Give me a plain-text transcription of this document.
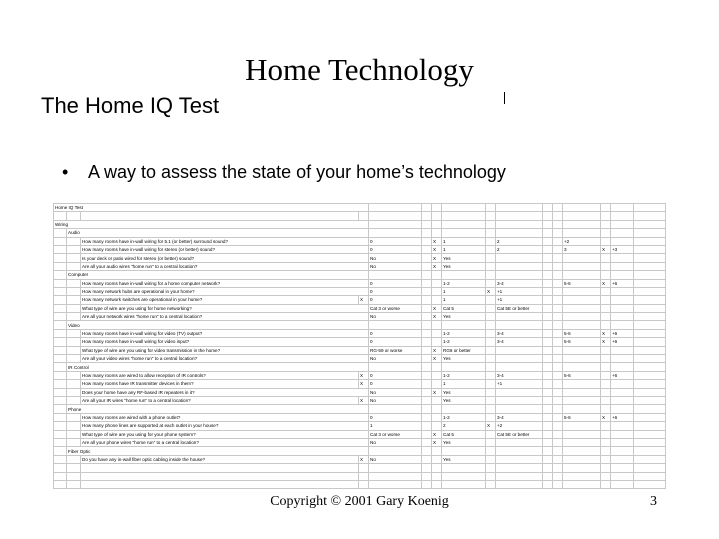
Home Technology
The Home IQ Test
• A way to assess the state of your home’s technology
Home IQ Test															

Wiring															
	Audio														
		How many rooms have in-wall wiring for 5.1 (or better) surround sound?		0		X	1		2			+2			
		How many rooms have in-wall wiring for stereo (or better) sound?		0		X	1		2			3	X	+3	
		Is your deck or patio wired for stereo (or better) sound?		No		X	Yes								
		Are all your audio wires "home run" to a central location?		No		X	Yes								
	Computer														
		How many rooms have in-wall wiring for a home computer network?		0			1-2		3-4			5-6	X	+6	
		How many network hubs are operational in your home?		0			1	X	+1						
		How many network switches are operational in your home?	X	0			1		+1						
		What type of wire are you using for home networking?		Cat 3 or worse		X	Cat 5		Cat 5E or better						
		Are all your network wires "home run" to a central location?		No		X	Yes								
	Video														
		How many rooms have in-wall wiring for video (TV) output?		0			1-2		3-4			5-6	X	+6	
		How many rooms have in-wall wiring for video input?		0			1-2		3-4			5-6	X	+6	
		What type of wire are you using for video transmission in the home?		RG-59 or worse		X	RG6 or better								
		Are all your video wires "home run" to a central location?		No		X	Yes								
	IR Control														
		How many rooms are wired to allow reception of IR controls?	X	0			1-2		3-4			5-6		+6	
		How many rooms have IR transmitter devices in them?	X	0			1		+1						
		Does your home have any RF-based IR repeaters in it?		No		X	Yes								
		Are all your IR wires "home run" to a central location?	X	No			Yes								
	Phone														
		How many rooms are wired with a phone outlet?		0			1-2		3-4			5-6	X	+6	
		How many phone lines are supported at each outlet in your house?		1			2	X	+2						
		What type of wire are you using for your phone system?		Cat 3 or worse		X	Cat 5		Cat 5E or better						
		Are all your phone wires "home run" to a central location?		No		X	Yes								
	Fiber Optic														
		Do you have any in-wall fiber optic cabling inside the house?	X	No			Yes								

Copyright © 2001 Gary Koenig	3
